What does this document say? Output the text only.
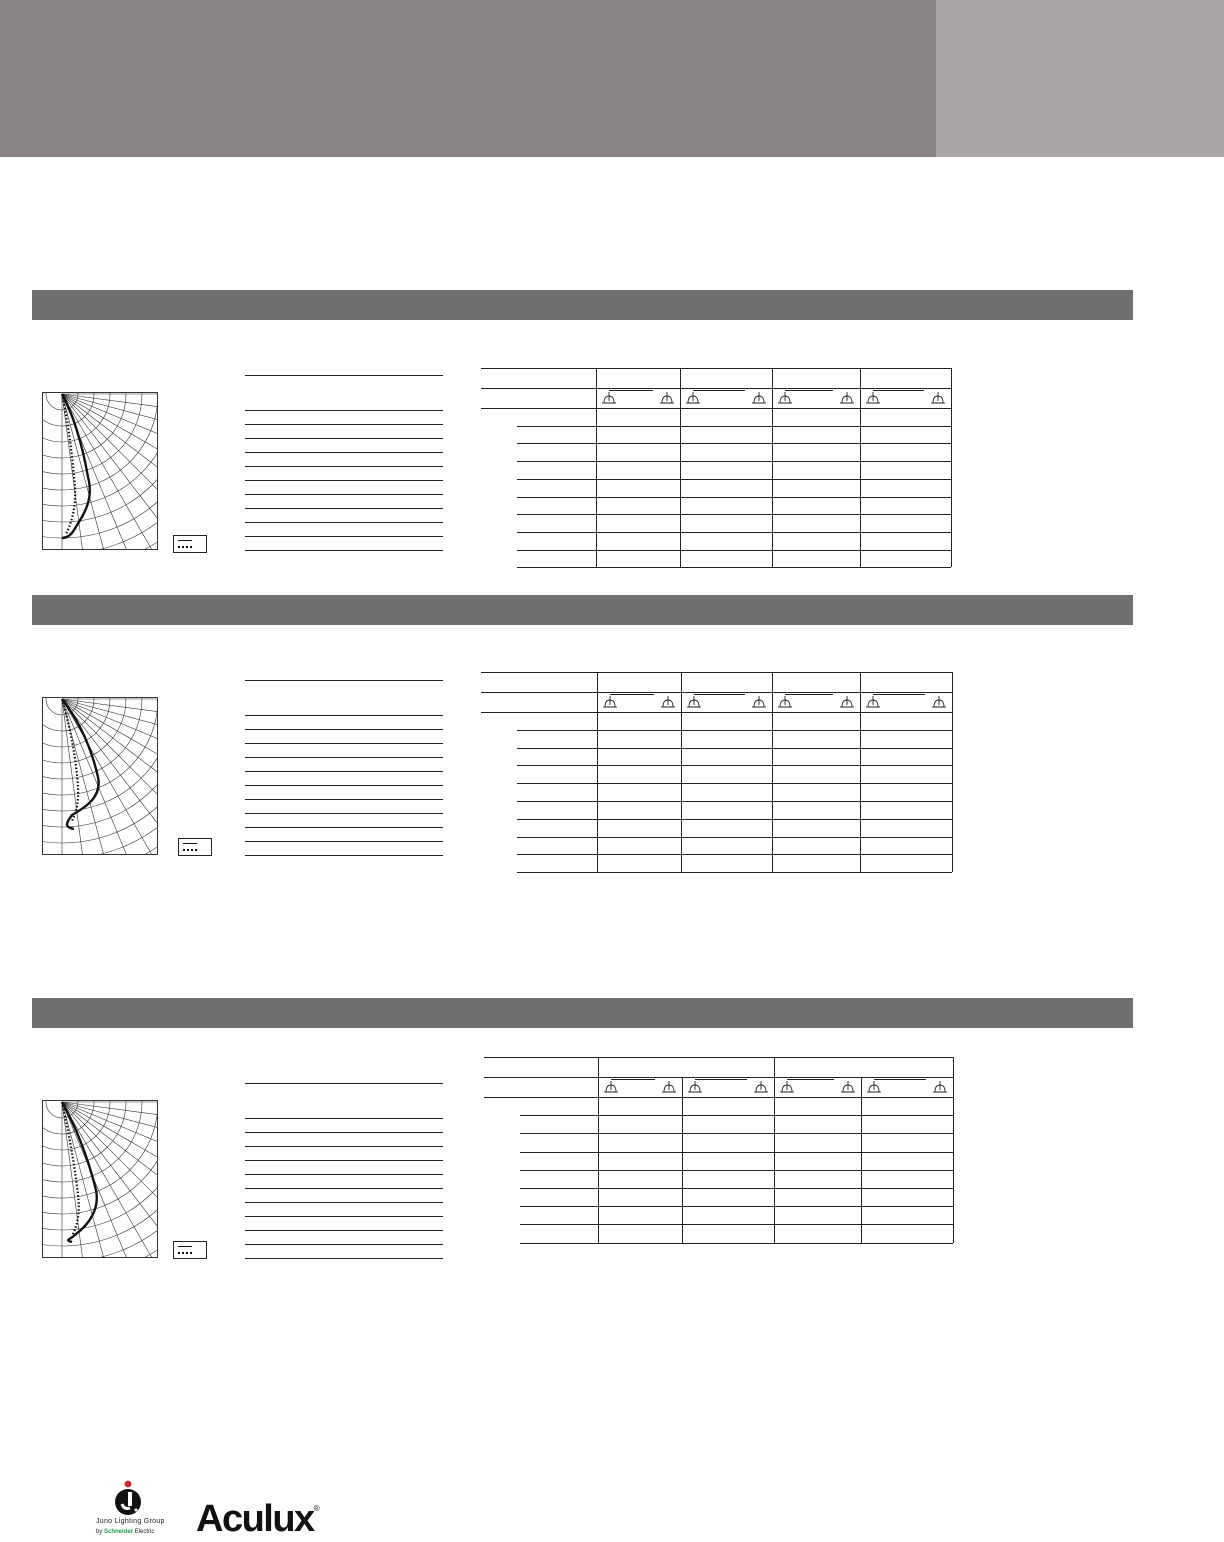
Juno Lighting Group
by Schneider Electric Aculux®
